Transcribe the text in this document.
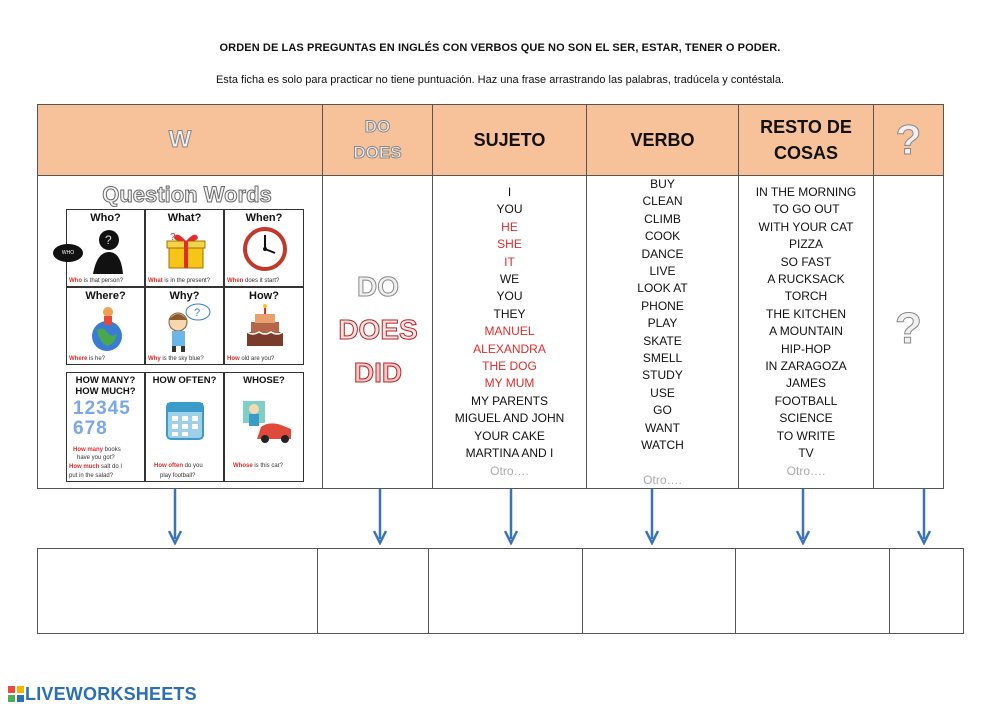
ORDEN DE LAS PREGUNTAS EN INGLÉS CON VERBOS QUE NO SON EL SER, ESTAR, TENER O PODER.
Esta ficha es solo para practicar no tiene puntuación. Haz una frase arrastrando las palabras, tradúcela y contéstala.
W	DO
DOES
SUJETO	VERBO
RESTO DE
COSAS ?
Question Words
Who?
?
WHO
Who is that person?
What?
?
What is in the present?
When?
When does it start?
Where?
Where is he?
Why?
?
Why is the sky blue?
How?
How old are you?
HOW MANY?
HOW MUCH?
12345678
How many books
have you got?
How much salt do I
put in the salad?
HOW OFTEN?
How often do you
play football?
WHOSE?
Whose is this car?
DO
DOES
DID
I
YOU
HE
SHE
IT
WE
YOU
THEY
MANUEL
ALEXANDRA
THE DOG
MY MUM
MY PARENTS
MIGUEL AND JOHN
YOUR CAKE
MARTINA AND I
Otro….
BUY
CLEAN
CLIMB
COOK
DANCE
LIVE
LOOK AT
PHONE
PLAY
SKATE
SMELL
STUDY
USE
GO
WANT
WATCH
Otro….
IN THE MORNING
TO GO OUT
WITH YOUR CAT
PIZZA
SO FAST
A RUCKSACK
TORCH
THE KITCHEN
A MOUNTAIN
HIP-HOP
IN ZARAGOZA
JAMES
FOOTBALL
SCIENCE
TO WRITE
TV
Otro….
?
LIVEWORKSHEETS
